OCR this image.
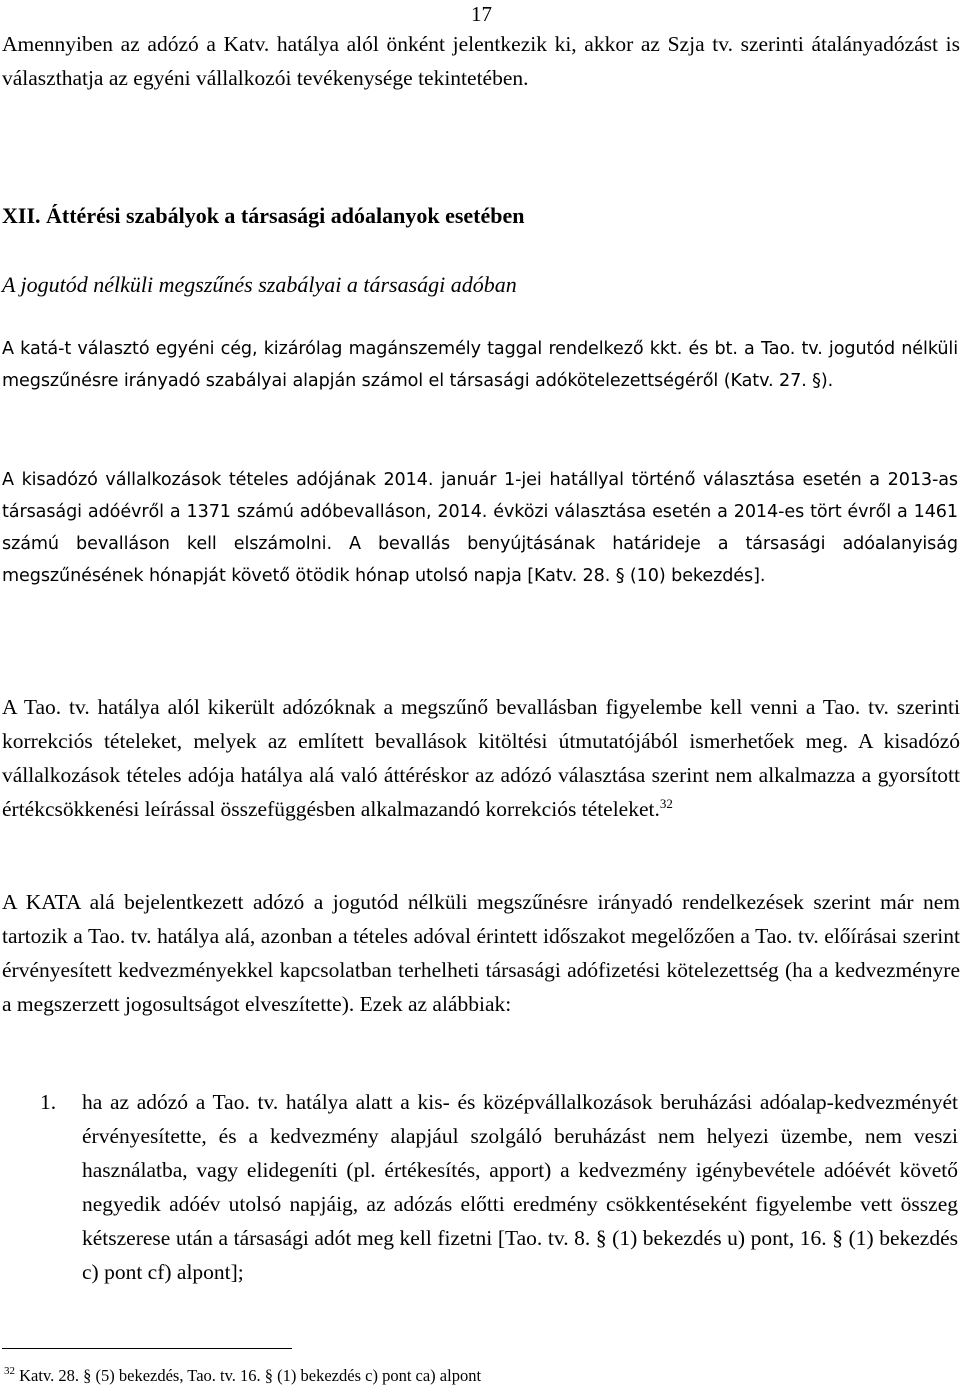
17

Amennyiben az adózó a Katv. hatálya alól önként jelentkezik ki, akkor az Szja tv. szerinti átalányadózást is választhatja az egyéni vállalkozói tevékenysége tekintetében.

XII. Áttérési szabályok a társasági adóalanyok esetében
A jogutód nélküli megszűnés szabályai a társasági adóban

A katá-t választó egyéni cég, kizárólag magánszemély taggal rendelkező kkt. és bt. a Tao. tv. jogutód nélküli megszűnésre irányadó szabályai alapján számol el társasági adókötelezettségéről (Katv. 27. §).

A kisadózó vállalkozások tételes adójának 2014. január 1-jei hatállyal történő választása esetén a 2013-as társasági adóévről a 1371 számú adóbevalláson, 2014. évközi választása esetén a 2014-es tört évről a 1461 számú bevalláson kell elszámolni. A bevallás benyújtásának határideje a társasági adóalanyiság megszűnésének hónapját követő ötödik hónap utolsó napja [Katv. 28. § (10) bekezdés].

A Tao. tv. hatálya alól kikerült adózóknak a megszűnő bevallásban figyelembe kell venni a Tao. tv. szerinti korrekciós tételeket, melyek az említett bevallások kitöltési útmutatójából ismerhetőek meg. A kisadózó vállalkozások tételes adója hatálya alá való áttéréskor az adózó választása szerint nem alkalmazza a gyorsított értékcsökkenési leírással összefüggésben alkalmazandó korrekciós tételeket.$^{32}$

A KATA alá bejelentkezett adózó a jogutód nélküli megszűnésre irányadó rendelkezések szerint már nem tartozik a Tao. tv. hatálya alá, azonban a tételes adóval érintett időszakot megelőzően a Tao. tv. előírásai szerint érvényesített kedvezményekkel kapcsolatban terhelheti társasági adófizetési kötelezettség (ha a kedvezményre a megszerzett jogosultságot elveszítette). Ezek az alábbiak:

1. ha az adózó a Tao. tv. hatálya alatt a kis- és középvállalkozások beruházási adóalap-kedvezményét érvényesítette, és a kedvezmény alapjául szolgáló beruházást nem helyezi üzembe, nem veszi használatba, vagy elidegeníti (pl. értékesítés, apport) a kedvezmény igénybevétele adóévét követő negyedik adóév utolsó napjáig, az adózás előtti eredmény csökkentéseként figyelembe vett összeg kétszerese után a társasági adót meg kell fizetni [Tao. tv. 8. § (1) bekezdés u) pont, 16. § (1) bekezdés c) pont cf) alpont];

$^{32}$ Katv. 28. § (5) bekezdés, Tao. tv. 16. § (1) bekezdés c) pont ca) alpont
